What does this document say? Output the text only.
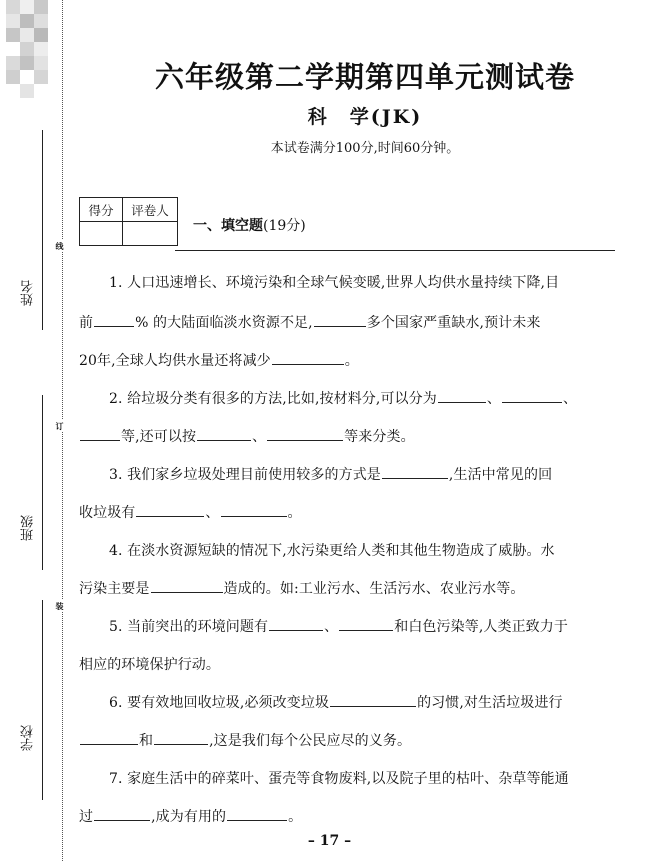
姓名
班级
学校
线
订
装
六年级第二学期第四单元测试卷
科　学(JK)
本试卷满分100分,时间60分钟。
得分	评卷人

一、填空题(19分)
1. 人口迅速增长、环境污染和全球气候变暖,世界人均供水量持续下降,目
前	% 的大陆面临淡水资源不足,	多个国家严重缺水,预计未来
20年,全球人均供水量还将减少	。
2. 给垃圾分类有很多的方法,比如,按材料分,可以分为	、	、
等,还可以按	、	等来分类。
3. 我们家乡垃圾处理目前使用较多的方式是	,生活中常见的回
收垃圾有	、	。
4. 在淡水资源短缺的情况下,水污染更给人类和其他生物造成了威胁。水
污染主要是	造成的。如:工业污水、生活污水、农业污水等。
5. 当前突出的环境问题有	、	和白色污染等,人类正致力于
相应的环境保护行动。
6. 要有效地回收垃圾,必须改变垃圾	的习惯,对生活垃圾进行
和	,这是我们每个公民应尽的义务。
7. 家庭生活中的碎菜叶、蛋壳等食物废料,以及院子里的枯叶、杂草等能通
过	,成为有用的	。
– 17 –
